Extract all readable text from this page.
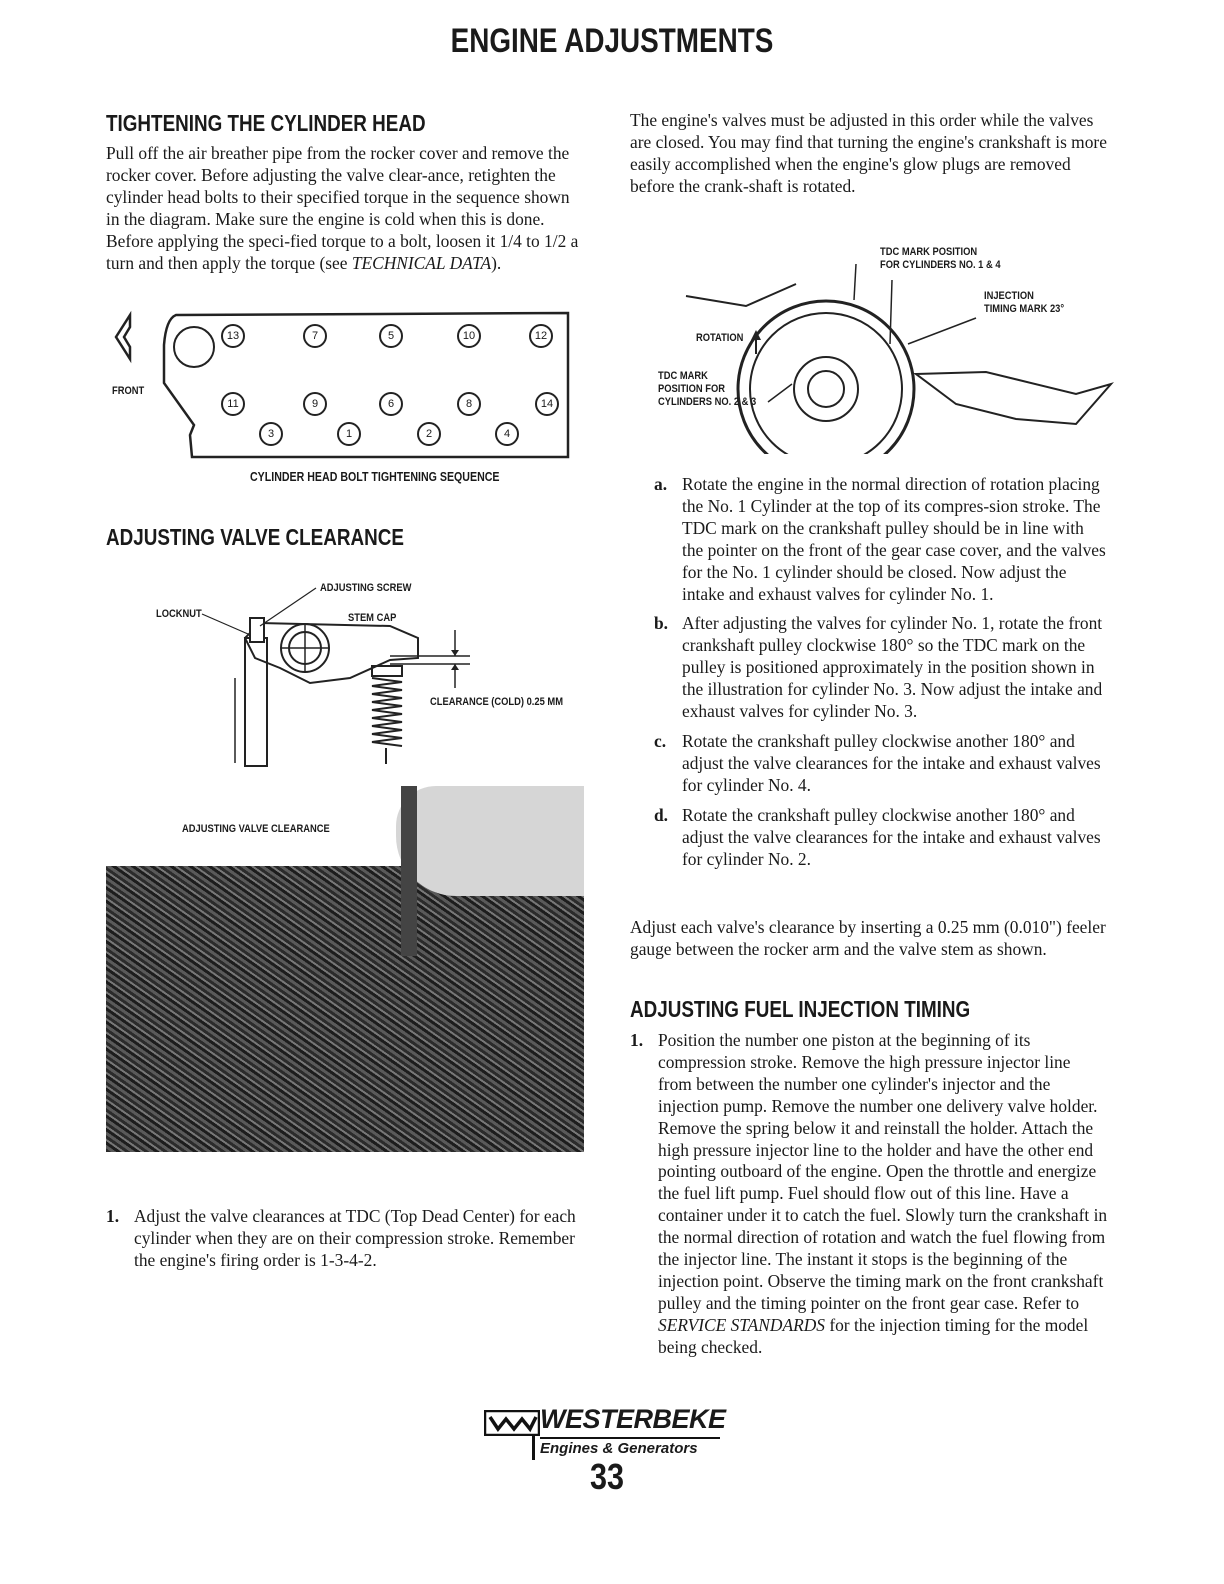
ENGINE ADJUSTMENTS
TIGHTENING THE CYLINDER HEAD

Pull off the air breather pipe from the rocker cover and remove the rocker cover. Before adjusting the valve clear-ance, retighten the cylinder head bolts to their specified torque in the sequence shown in the diagram. Make sure the engine is cold when this is done. Before applying the speci-fied torque to a bolt, loosen it 1/4 to 1/2 a turn and then apply the torque (see TECHNICAL DATA).

FRONT
13	7	5	10	12
11	9	6	8	14
3	1	2	4
CYLINDER HEAD BOLT TIGHTENING SEQUENCE
ADJUSTING VALVE CLEARANCE
ADJUSTING SCREW
LOCKNUT	STEM CAP
CLEARANCE (COLD) 0.25 MM
ADJUSTING VALVE CLEARANCE
1. Adjust the valve clearances at TDC (Top Dead Center) for each cylinder when they are on their compression stroke. Remember the engine's firing order is 1-3-4-2.
The engine's valves must be adjusted in this order while the valves are closed. You may find that turning the engine's crankshaft is more easily accomplished when the engine's glow plugs are removed before the crank-shaft is rotated.
TDC MARK POSITION
FOR CYLINDERS NO. 1 & 4
INJECTION
TIMING MARK 23°
ROTATION
TDC MARK
POSITION FOR
CYLINDERS NO. 2 & 3
a. Rotate the engine in the normal direction of rotation placing the No. 1 Cylinder at the top of its compres-sion stroke. The TDC mark on the crankshaft pulley should be in line with the pointer on the front of the gear case cover, and the valves for the No. 1 cylinder should be closed. Now adjust the intake and exhaust valves for cylinder No. 1.
b. After adjusting the valves for cylinder No. 1, rotate the front crankshaft pulley clockwise 180° so the TDC mark on the pulley is positioned approximately in the position shown in the illustration for cylinder No. 3. Now adjust the intake and exhaust valves for cylinder No. 3.
c. Rotate the crankshaft pulley clockwise another 180° and adjust the valve clearances for the intake and exhaust valves for cylinder No. 4.
d. Rotate the crankshaft pulley clockwise another 180° and adjust the valve clearances for the intake and exhaust valves for cylinder No. 2.
Adjust each valve's clearance by inserting a 0.25 mm (0.010") feeler gauge between the rocker arm and the valve stem as shown.
ADJUSTING FUEL INJECTION TIMING
1. Position the number one piston at the beginning of its compression stroke. Remove the high pressure injector line from between the number one cylinder's injector and the injection pump. Remove the number one delivery valve holder. Remove the spring below it and reinstall the holder. Attach the high pressure injector line to the holder and have the other end pointing outboard of the engine. Open the throttle and energize the fuel lift pump. Fuel should flow out of this line. Have a container under it to catch the fuel. Slowly turn the crankshaft in the normal direction of rotation and watch the fuel flowing from the injector line. The instant it stops is the beginning of the injection point. Observe the timing mark on the front crankshaft pulley and the timing pointer on the front gear case. Refer to SERVICE STANDARDS for the injection timing for the model being checked.
WESTERBEKE
Engines & Generators
33
